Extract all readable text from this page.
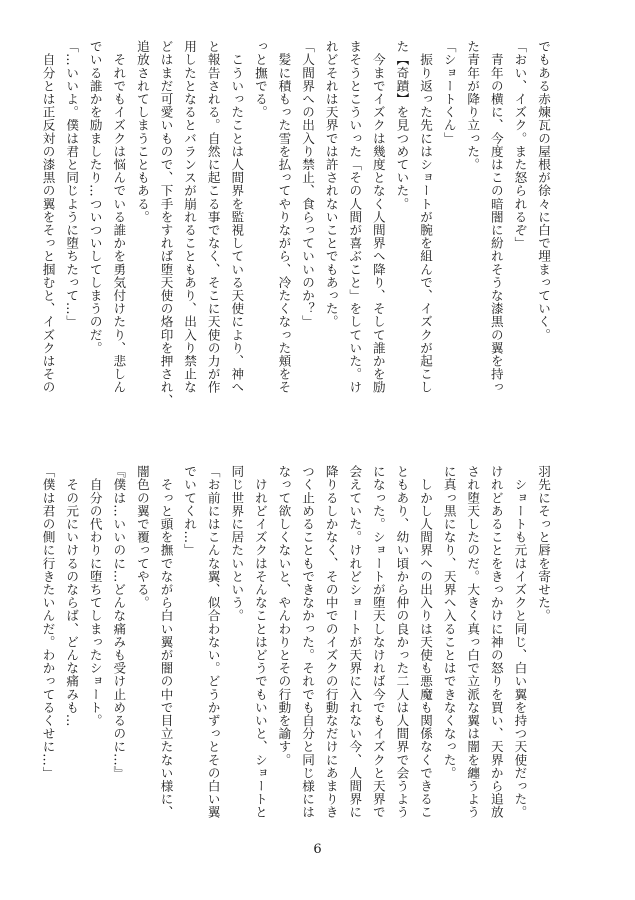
でもある赤煉瓦の屋根が徐々に白で埋まっていく。
「おい、イズク。また怒られるぞ」
　青年の横に、今度はこの暗闇に紛れそうな漆黒の翼を持っ
た青年が降り立った。
「ショートくん」
　振り返った先にはショートが腕を組んで、イズクが起こし
た【奇蹟】を見つめていた。
　今までイズクは幾度となく人間界へ降り、そして誰かを励
まそうとこういった「その人間が喜ぶこと」をしていた。け
れどそれは天界では許されないことでもあった。
「人間界への出入り禁止、食らっていいのか？」
　髪に積もった雪を払ってやりながら、冷たくなった頬をそ
っと撫でる。
　こういったことは人間界を監視している天使により、神へ
と報告される。自然に起こる事でなく、そこに天使の力が作
用したとなるとバランスが崩れることもあり、出入り禁止な
どはまだ可愛いもので、下手をすれば堕天使の烙印を押され、
追放されてしまうこともある。
　それでもイズクは悩んでいる誰かを勇気付けたり、悲しん
でいる誰かを励ましたり…ついついしてしまうのだ。
「…いいよ。僕は君と同じように堕ちたって…」
　自分とは正反対の漆黒の翼をそっと掴むと、イズクはその
羽先にそっと唇を寄せた。
　ショートも元はイズクと同じ、白い翼を持つ天使だった。
けれどあることをきっかけに神の怒りを買い、天界から追放
され堕天したのだ。大きく真っ白で立派な翼は闇を纏うよう
に真っ黒になり、天界へ入ることはできなくなった。
　しかし人間界への出入りは天使も悪魔も関係なくできるこ
ともあり、幼い頃から仲の良かった二人は人間界で会うよう
になった。ショートが堕天しなければ今でもイズクと天界で
会えていた。けれどショートが天界に入れない今、人間界に
降りるしかなく、その中でのイズクの行動なだけにあまりき
つく止めることもできなかった。それでも自分と同じ様には
なって欲しくないと、やんわりとその行動を諭す。
　けれどイズクはそんなことはどうでもいいと、ショートと
同じ世界に居たいという。
「お前にはこんな翼、似合わない。どうかずっとその白い翼
でいてくれ…」
　そっと頭を撫でながら白い翼が闇の中で目立たない様に、
闇色の翼で覆ってやる。
『僕は…いいのに…どんな痛みも受け止めるのに…』
　自分の代わりに堕ちてしまったショート。
　その元にいけるのならば、どんな痛みも…
「僕は君の側に行きたいんだ。わかってるくせに…」
6
